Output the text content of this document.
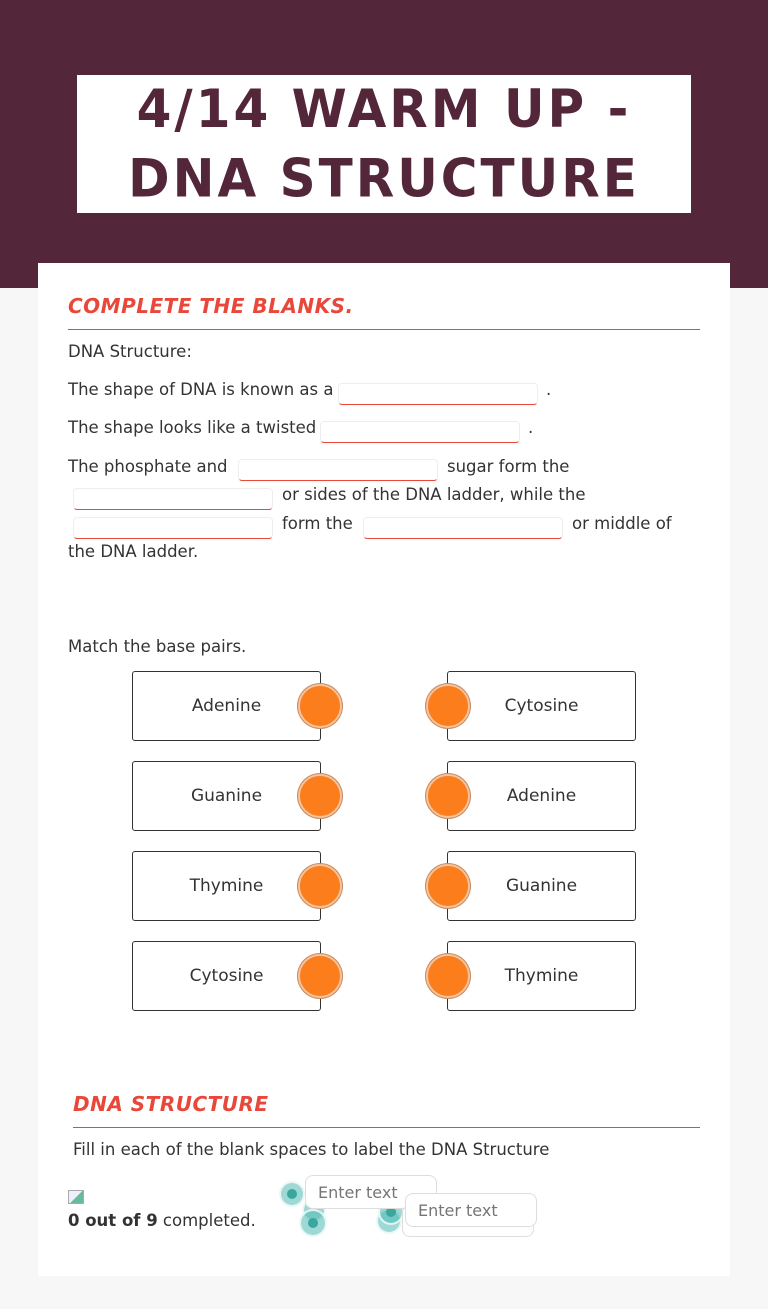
4/14 WARM UP - DNA STRUCTURE
COMPLETE THE BLANKS.
DNA Structure:
The shape of DNA is known as a	.
The shape looks like a twisted	.
The phosphate and	sugar form the
or sides of the DNA ladder, while the
form the	or middle of
the DNA ladder.
Match the base pairs.
Adenine	Cytosine
Guanine	Adenine
Thymine	Guanine
Cytosine	Thymine
DNA STRUCTURE
Fill in each of the blank spaces to label the DNA Structure
Enter text
Enter text
0 out of 9 completed.
